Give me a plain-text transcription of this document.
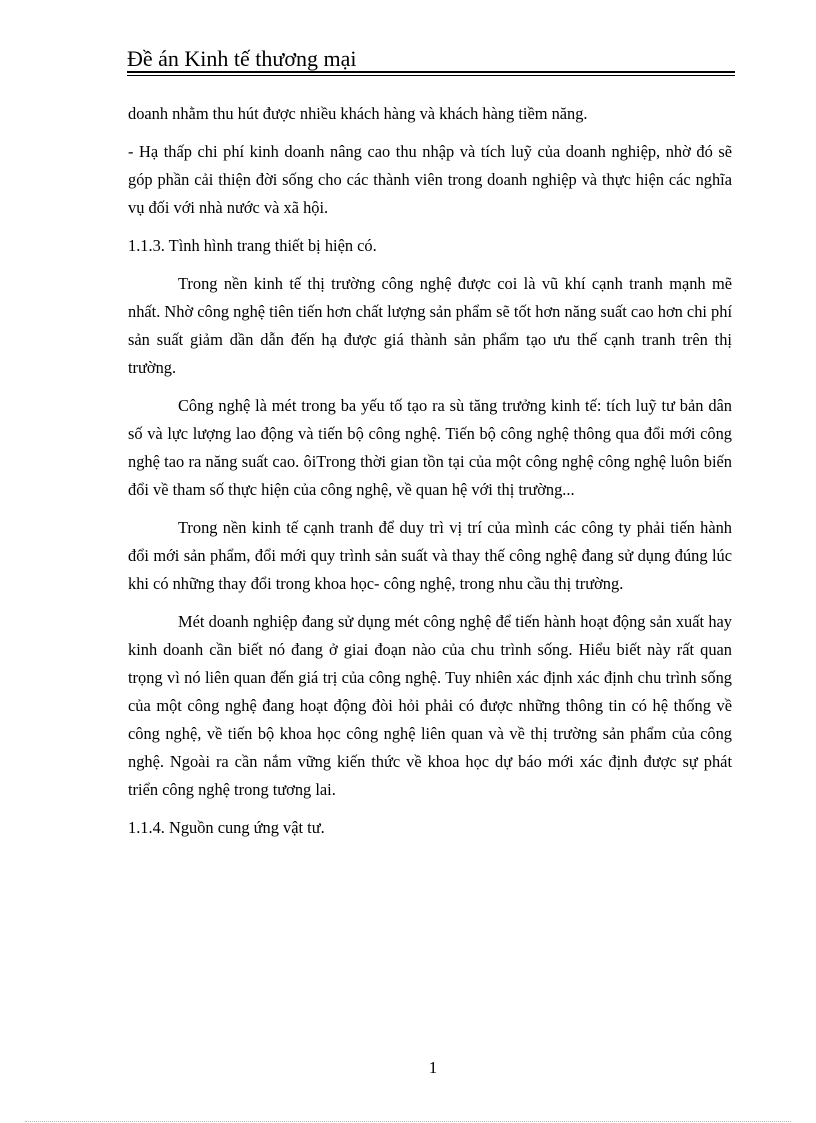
Đề án Kinh tế thương mại

doanh nhằm thu hút được nhiều khách hàng và khách hàng tiềm năng.

- Hạ thấp chi phí kinh doanh nâng cao thu nhập và tích luỹ của doanh nghiệp, nhờ đó sẽ góp phần cải thiện đời sống cho các thành viên trong doanh nghiệp và thực hiện các nghĩa vụ đối với nhà nước và xã hội.

1.1.3. Tình hình trang thiết bị hiện có.

Trong nền kinh tế thị trường công nghệ được coi là vũ khí cạnh tranh mạnh mẽ nhất. Nhờ công nghệ tiên tiến hơn chất lượng sản phẩm sẽ tốt hơn năng suất cao hơn chi phí sản suất giảm dần dẫn đến hạ được giá thành sản phẩm tạo ưu thế cạnh tranh trên thị trường.

Công nghệ là mét trong ba yếu tố tạo ra sù tăng trưởng kinh tế: tích luỹ tư bản dân số và lực lượng lao động và tiến bộ công nghệ. Tiến bộ công nghệ thông qua đổi mới công nghệ tao ra năng suất cao. ôiTrong thời gian tồn tại của một công nghệ công nghệ luôn biến đổi về tham số thực hiện của công nghệ, về quan hệ với thị trường...

Trong nền kinh tế cạnh tranh để duy trì vị trí của mình các công ty phải tiến hành đổi mới sản phẩm, đổi mới quy trình sản suất và thay thế công nghệ đang sử dụng đúng lúc khi có những thay đổi trong khoa học- công nghệ, trong nhu cầu thị trường.

Mét doanh nghiệp đang sử dụng mét công nghệ để tiến hành hoạt động sản xuất hay kinh doanh cần biết nó đang ở giai đoạn nào của chu trình sống. Hiểu biết này rất quan trọng vì nó liên quan đến giá trị của công nghệ. Tuy nhiên xác định xác định chu trình sống của một công nghệ đang hoạt động đòi hỏi phải có được những thông tin có hệ thống về công nghệ, về tiến bộ khoa học công nghệ liên quan và về thị trường sản phẩm của công nghệ. Ngoài ra cần nắm vững kiến thức về khoa học dự báo mới xác định được sự phát triển công nghệ trong tương lai.

1.1.4. Nguồn cung ứng vật tư.

1
